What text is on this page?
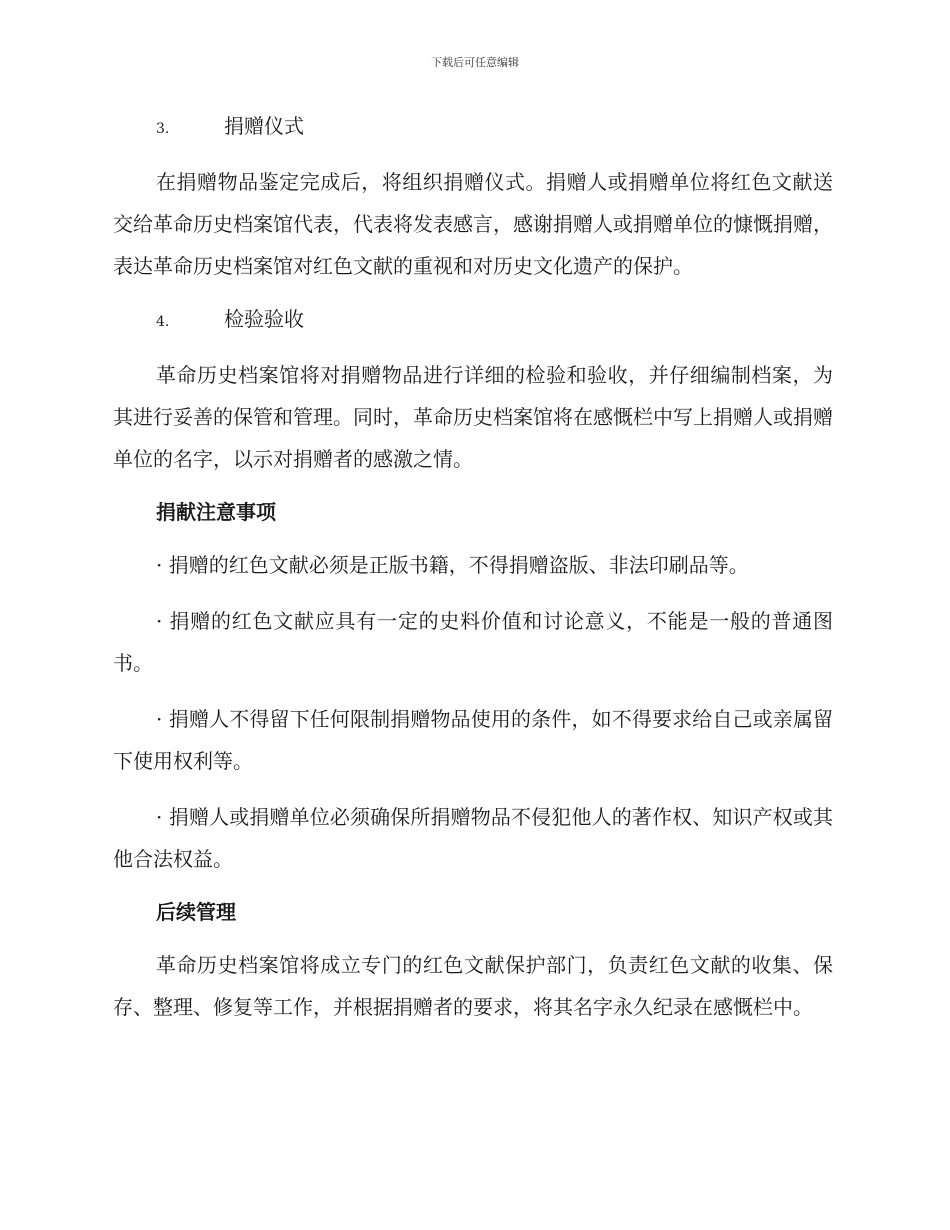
下载后可任意编辑
3.	捐赠仪式

在捐赠物品鉴定完成后，将组织捐赠仪式。捐赠人或捐赠单位将红色文献送交给革命历史档案馆代表，代表将发表感言，感谢捐赠人或捐赠单位的慷慨捐赠，表达革命历史档案馆对红色文献的重视和对历史文化遗产的保护。

4.	检验验收

革命历史档案馆将对捐赠物品进行详细的检验和验收，并仔细编制档案，为其进行妥善的保管和管理。同时，革命历史档案馆将在感慨栏中写上捐赠人或捐赠单位的名字，以示对捐赠者的感激之情。

捐献注意事项

· 捐赠的红色文献必须是正版书籍，不得捐赠盗版、非法印刷品等。

· 捐赠的红色文献应具有一定的史料价值和讨论意义，不能是一般的普通图书。

· 捐赠人不得留下任何限制捐赠物品使用的条件，如不得要求给自己或亲属留下使用权利等。

· 捐赠人或捐赠单位必须确保所捐赠物品不侵犯他人的著作权、知识产权或其他合法权益。

后续管理

革命历史档案馆将成立专门的红色文献保护部门，负责红色文献的收集、保存、整理、修复等工作，并根据捐赠者的要求，将其名字永久纪录在感慨栏中。
